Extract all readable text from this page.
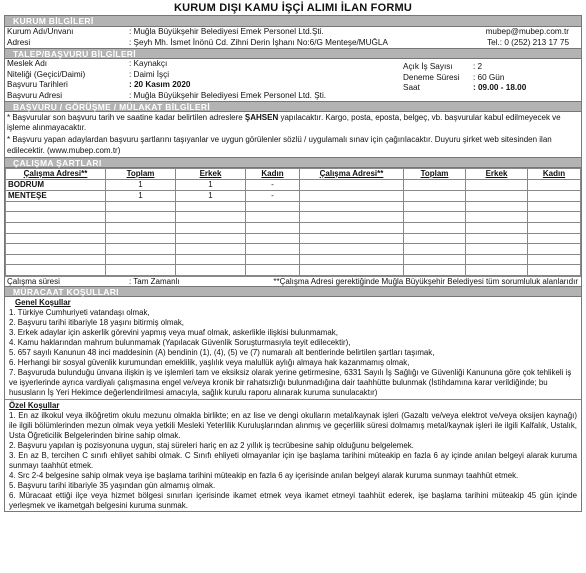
KURUM DIŞI KAMU İŞÇİ ALIMI İLAN FORMU
KURUM BİLGİLERİ
Kurum Adı/Unvanı	: Muğla Büyükşehir Belediyesi Emek Personel Ltd.Şti.	mubep@mubep.com.tr
Adresi	: Şeyh Mh. İsmet İnönü Cd. Zihni Derin İşhanı No:6/G Menteşe/MUĞLA	Tel.: 0 (252) 213 17 75
TALEP/BAŞVURU BİLGİLERİ
Meslek Adı	: Kaynakçı
Niteliği (Geçici/Daimi)	: Daimi İşçi
Başvuru Tarihleri	: 20 Kasım 2020
Başvuru Adresi	: Muğla Büyükşehir Belediyesi Emek Personel Ltd. Şti.
Açık İş Sayısı	: 2
Deneme Süresi	: 60 Gün
Saat	: 09.00 - 18.00
BAŞVURU / GÖRÜŞME / MÜLAKAT BİLGİLERİ
* Başvurular son başvuru tarih ve saatine kadar belirtilen adreslere ŞAHSEN yapılacaktır. Kargo, posta, eposta, belgeç, vb. başvurular kabul edilmeyecek ve işleme alınmayacaktır.
* Başvuru yapan adaylardan başvuru şartlarını taşıyanlar ve uygun görülenler sözlü / uygulamalı sınav için çağırılacaktır. Duyuru şirket web sitesinden ilan edilecektir. (www.mubep.com.tr)
ÇALIŞMA ŞARTLARI
Çalışma Adresi**	Toplam	Erkek	Kadın	Çalışma Adresi**	Toplam	Erkek	Kadın
BODRUM	1	1	-				
MENTEŞE	1	1	-				

Çalışma süresi	: Tam Zamanlı	**Çalışma Adresi gerektiğinde Muğla Büyükşehir Belediyesi tüm sorumluluk alanlarıdır
MÜRACAAT KOŞULLARI
Genel Koşullar

1. Türkiye Cumhuriyeti vatandaşı olmak,

2. Başvuru tarihi itibariyle 18 yaşını bitirmiş olmak,

3. Erkek adaylar için askerlik görevini yapmış veya muaf olmak, askerlikle ilişkisi bulunmamak,

4. Kamu haklarından mahrum bulunmamak (Yapılacak Güvenlik Soruşturmasıyla teyit edilecektir),

5. 657 sayılı Kanunun 48 inci maddesinin (A) bendinin (1), (4), (5) ve (7) numaralı alt bentlerinde belirtilen şartları taşımak,

6. Herhangi bir sosyal güvenlik kurumundan emeklilik, yaşlılık veya malullük aylığı almaya hak kazanmamış olmak,

7. Başvuruda bulunduğu ünvana ilişkin iş ve işlemleri tam ve eksiksiz olarak yerine getirmesine, 6331 Sayılı İş Sağlığı ve Güvenliği Kanununa göre çok tehlikeli iş ve işyerlerinde ayrıca vardiyalı çalışmasına engel ve/veya kronik bir rahatsızlığı bulunmadığına dair taahhütte bulunmak (İstihdamına karar verildiğinde; bu hususların İş Yeri Hekimce değerlendirilmesi amacıyla, sağlık kurulu raporu alınarak kuruma sunulacaktır)

Özel Koşullar

1. En az ilkokul veya ilköğretim okulu mezunu olmakla birlikte; en az lise ve dengi okulların metal/kaynak işleri (Gazaltı ve/veya elektrot ve/veya oksijen kaynağı) ile ilgili bölümlerinden mezun olmak veya yetkili Mesleki Yeterlilik Kuruluşlarından alınmış ve geçerlilik süresi dolmamış metal/kaynak işleri ile ilgili Kalfalık, Ustalık, Usta Öğreticilik Belgelerinden birine sahip olmak.

2. Başvuru yapılan iş pozisyonuna uygun, staj süreleri hariç en az 2 yıllık iş tecrübesine sahip olduğunu belgelemek.

3. En az B, tercihen C sınıfı ehliyet sahibi olmak. C Sınıfı ehliyeti olmayanlar için işe başlama tarihini müteakip en fazla 6 ay içinde anılan belgeyi alarak kuruma sunmayı taahhüt etmek.

4. Src 2-4 belgesine sahip olmak veya işe başlama tarihini müteakip en fazla 6 ay içerisinde anılan belgeyi alarak kuruma sunmayı taahhüt etmek.

5. Başvuru tarihi itibariyle 35 yaşından gün almamış olmak.

6. Müracaat ettiği ilçe veya hizmet bölgesi sınırları içerisinde ikamet etmek veya ikamet etmeyi taahhüt ederek, işe başlama tarihini müteakip 45 gün içinde yerleşmek ve ikametgah belgesini kuruma sunmak.
